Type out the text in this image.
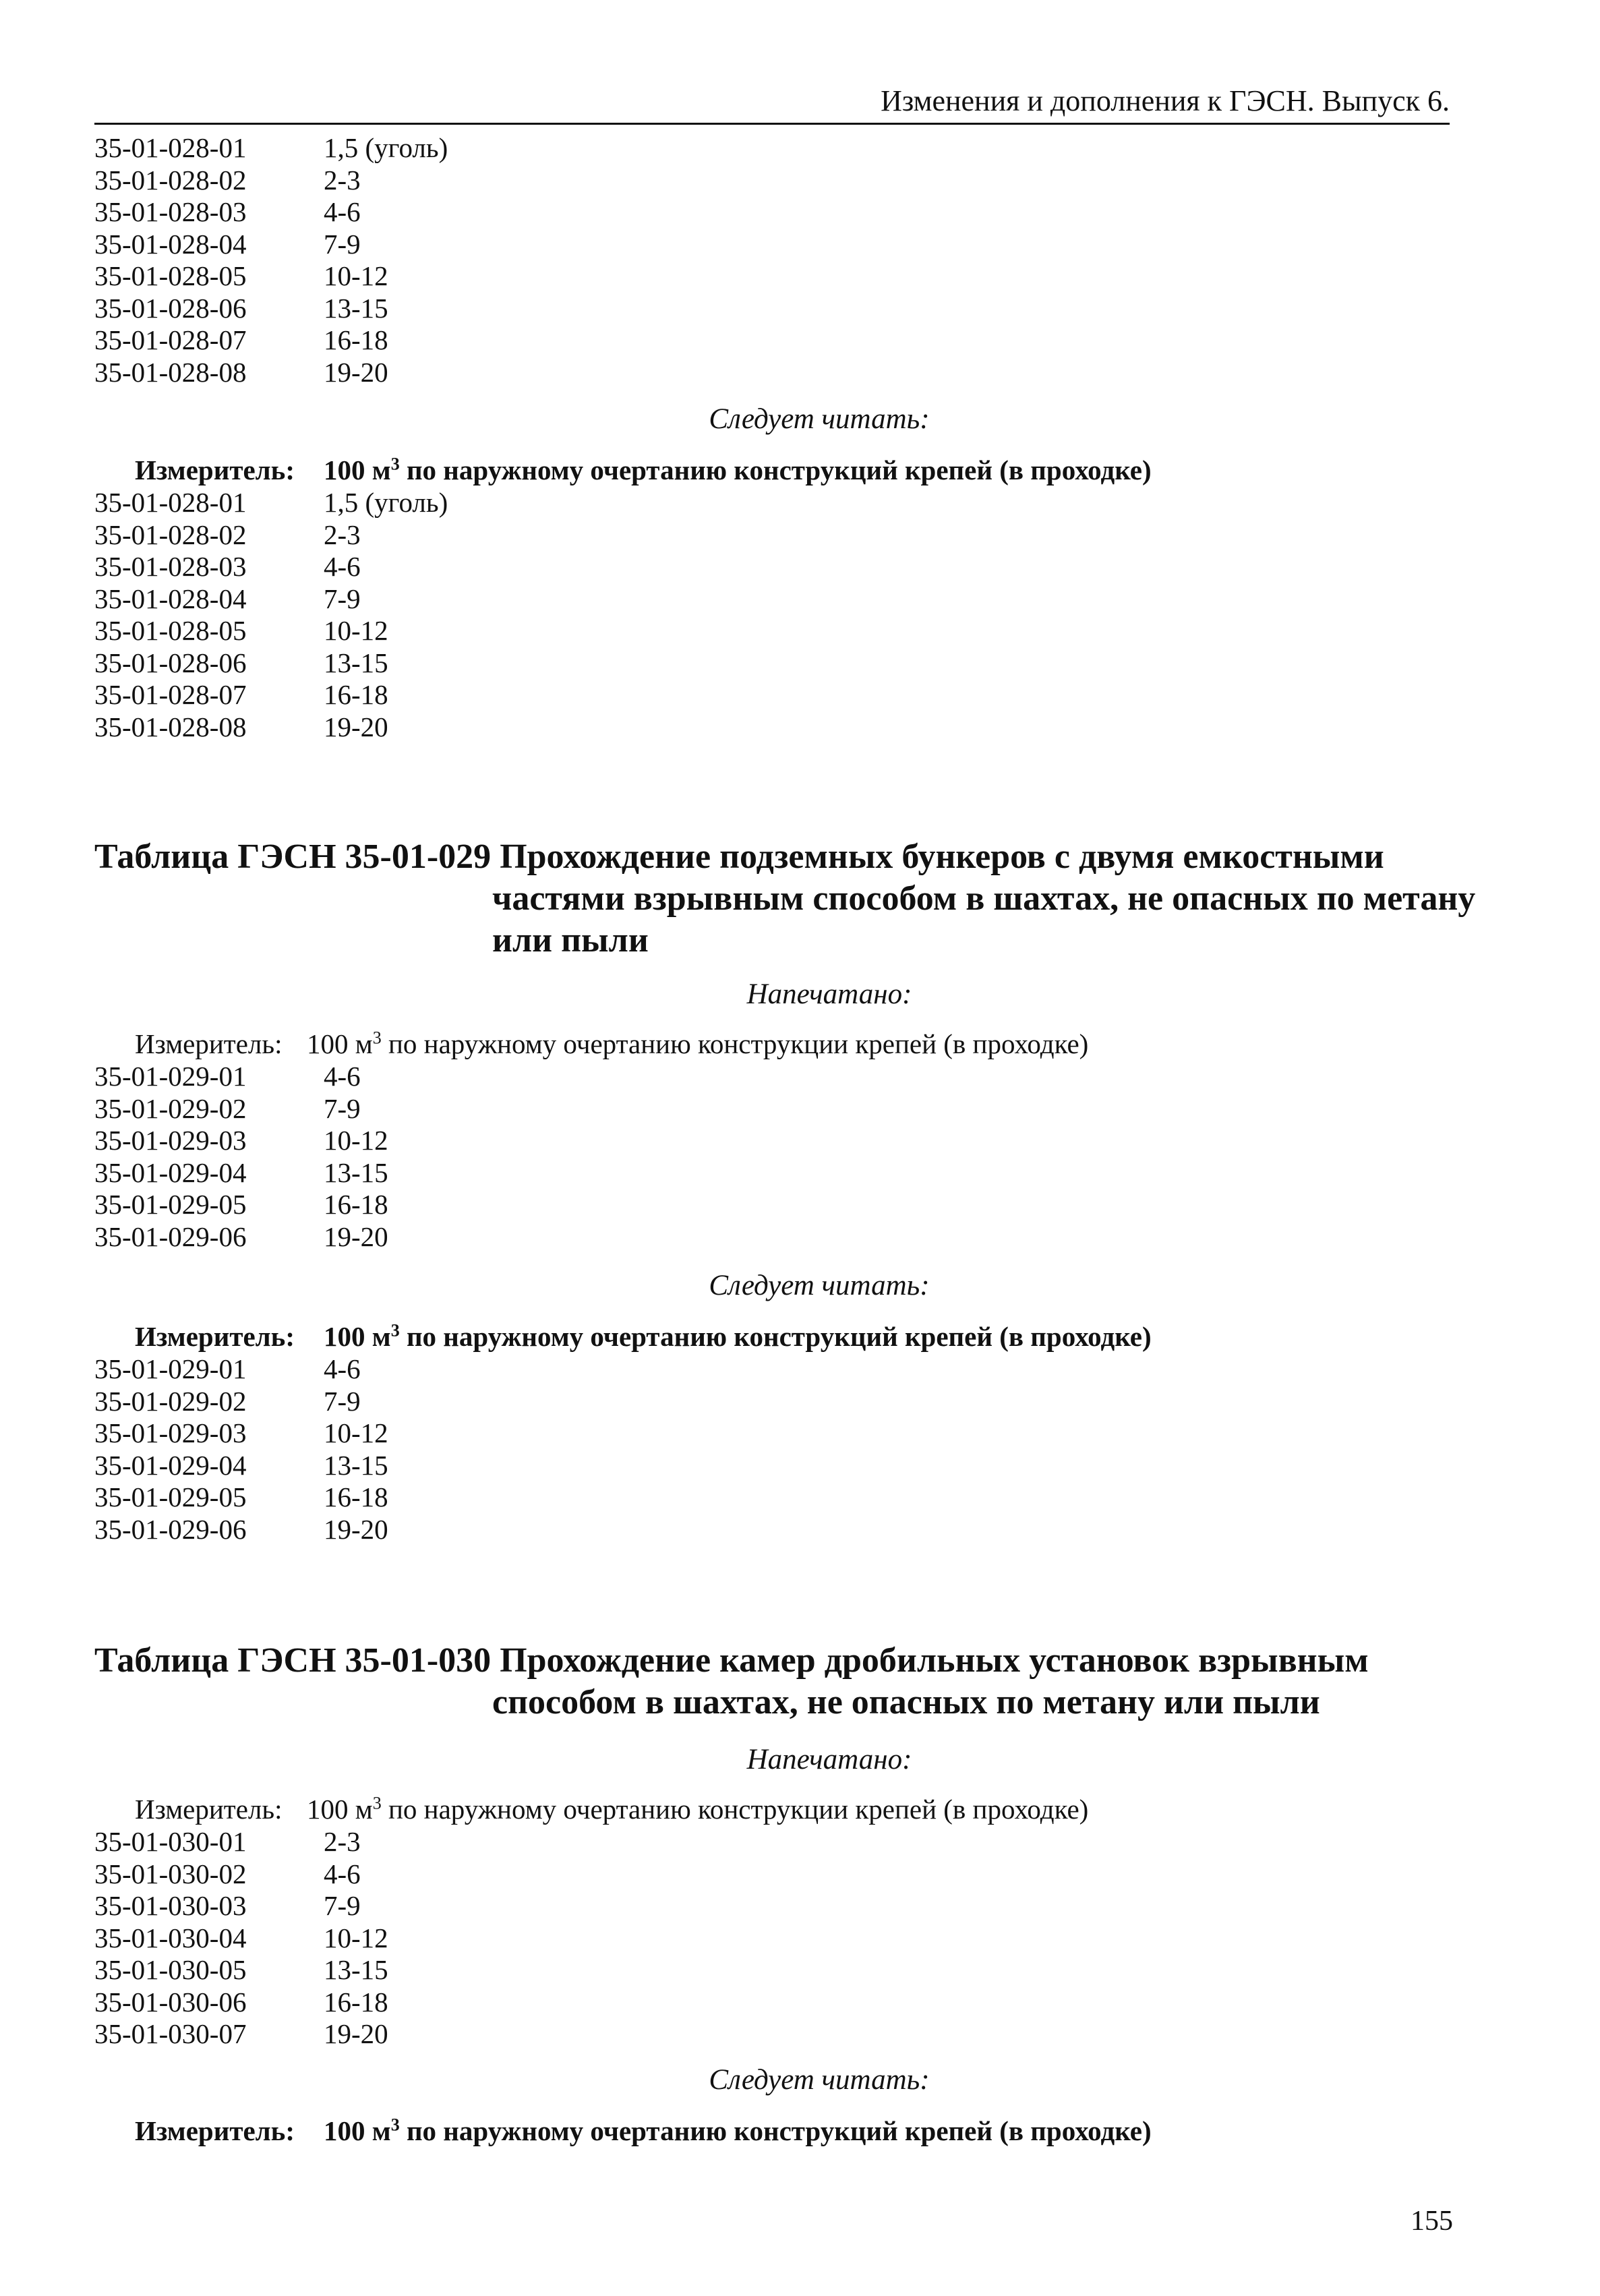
Изменения и дополнения к ГЭСН. Выпуск 6.
35-01-028-01	1,5 (уголь)
35-01-028-02	2-3
35-01-028-03	4-6
35-01-028-04	7-9
35-01-028-05	10-12
35-01-028-06	13-15
35-01-028-07	16-18
35-01-028-08	19-20
Следует читать:
Измеритель: 100 $м^3$ по наружному очертанию конструкций крепей (в проходке)
35-01-028-01	1,5 (уголь)
35-01-028-02	2-3
35-01-028-03	4-6
35-01-028-04	7-9
35-01-028-05	10-12
35-01-028-06	13-15
35-01-028-07	16-18
35-01-028-08	19-20
Таблица ГЭСН 35-01-029 Прохождение подземных бункеров с двумя емкостными
частями взрывным способом в шахтах, не опасных по метану
или пыли
Напечатано:
Измеритель: 100 $м^3$ по наружному очертанию конструкции крепей (в проходке)
35-01-029-01	4-6
35-01-029-02	7-9
35-01-029-03	10-12
35-01-029-04	13-15
35-01-029-05	16-18
35-01-029-06	19-20
Следует читать:
Измеритель: 100 $м^3$ по наружному очертанию конструкций крепей (в проходке)
35-01-029-01	4-6
35-01-029-02	7-9
35-01-029-03	10-12
35-01-029-04	13-15
35-01-029-05	16-18
35-01-029-06	19-20
Таблица ГЭСН 35-01-030 Прохождение камер дробильных установок взрывным
способом в шахтах, не опасных по метану или пыли
Напечатано:
Измеритель: 100 $м^3$ по наружному очертанию конструкции крепей (в проходке)
35-01-030-01	2-3
35-01-030-02	4-6
35-01-030-03	7-9
35-01-030-04	10-12
35-01-030-05	13-15
35-01-030-06	16-18
35-01-030-07	19-20
Следует читать:
Измеритель: 100 $м^3$ по наружному очертанию конструкций крепей (в проходке)
155
